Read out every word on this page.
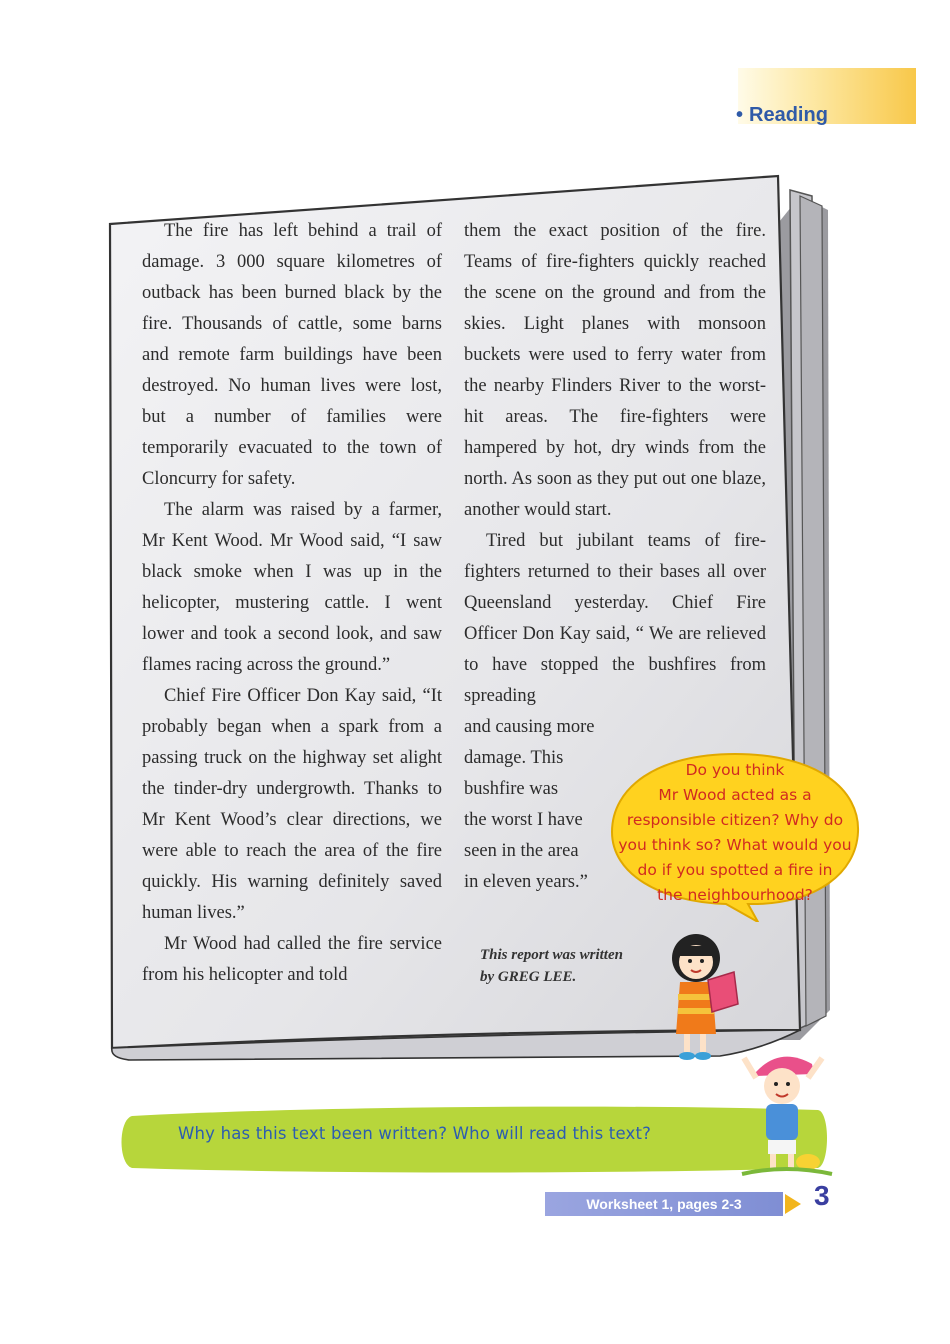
• Reading

The fire has left behind a trail of damage. 3 000 square kilometres of outback has been burned black by the fire. Thousands of cattle, some barns and remote farm buildings have been destroyed. No human lives were lost, but a number of families were temporarily evacuated to the town of Cloncurry for safety.

The alarm was raised by a farmer, Mr Kent Wood. Mr Wood said, “I saw black smoke when I was up in the helicopter, mustering cattle. I went lower and took a second look, and saw flames racing across the ground.”

Chief Fire Officer Don Kay said, “It probably began when a spark from a passing truck on the highway set alight the tinder-dry undergrowth. Thanks to Mr Kent Wood’s clear directions, we were able to reach the area of the fire quickly. His warning definitely saved human lives.”

Mr Wood had called the fire service from his helicopter and told

them the exact position of the fire. Teams of fire-fighters quickly reached the scene on the ground and from the skies. Light planes with monsoon buckets were used to ferry water from the nearby Flinders River to the worst-hit areas. The fire-fighters were hampered by hot, dry winds from the north. As soon as they put out one blaze, another would start.

Tired but jubilant teams of fire-fighters returned to their bases all over Queensland yesterday. Chief Fire Officer Don Kay said, “ We are relieved to have stopped the bushfires from spreading

and causing more

damage. This

bushfire was

the worst I have

seen in the area

in eleven years.”

This report was written
by GREG LEE.
Do you think
Mr Wood acted as a
responsible citizen? Why do
you think so? What would you
do if you spotted a fire in
the neighbourhood?
Why has this text been written? Who will read this text?
Worksheet 1, pages 2-3	3
